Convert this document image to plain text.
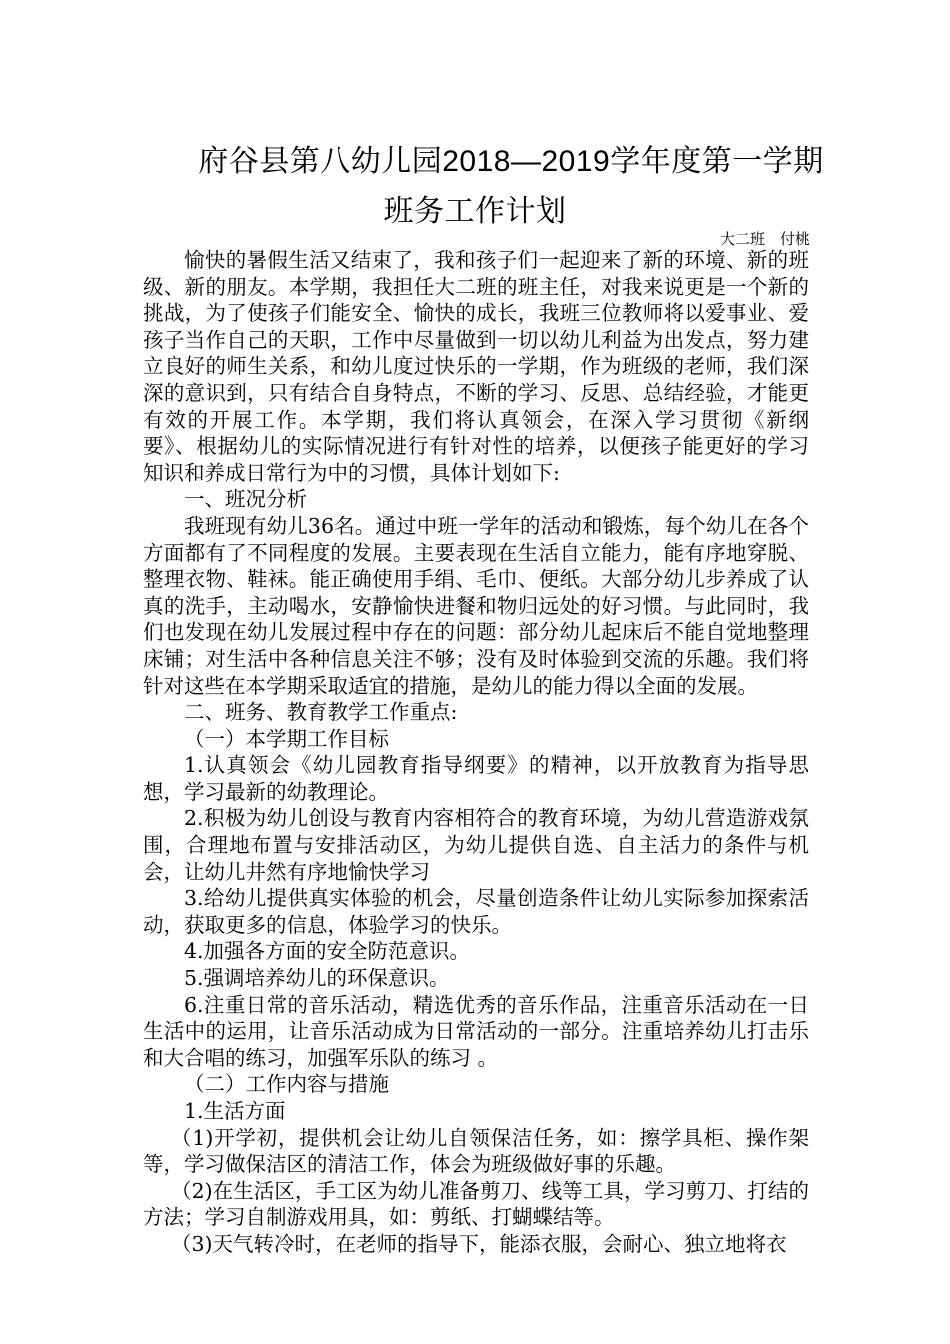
府谷县第八幼儿园2018—2019学年度第一学期
班务工作计划
大二班　付桃

愉快的暑假生活又结束了，我和孩子们一起迎来了新的环境、新的班级、新的朋友。本学期，我担任大二班的班主任，对我来说更是一个新的挑战，为了使孩子们能安全、愉快的成长，我班三位教师将以爱事业、爱孩子当作自己的天职，工作中尽量做到一切以幼儿利益为出发点，努力建立良好的师生关系，和幼儿度过快乐的一学期，作为班级的老师，我们深深的意识到，只有结合自身特点，不断的学习、反思、总结经验，才能更有效的开展工作。本学期，我们将认真领会，在深入学习贯彻《新纲要》、根据幼儿的实际情况进行有针对性的培养，以便孩子能更好的学习知识和养成日常行为中的习惯，具体计划如下:

一、班况分析

我班现有幼儿36名。通过中班一学年的活动和锻炼，每个幼儿在各个方面都有了不同程度的发展。主要表现在生活自立能力，能有序地穿脱、整理衣物、鞋袜。能正确使用手绢、毛巾、便纸。大部分幼儿步养成了认真的洗手，主动喝水，安静愉快进餐和物归远处的好习惯。与此同时，我们也发现在幼儿发展过程中存在的问题：部分幼儿起床后不能自觉地整理床铺；对生活中各种信息关注不够；没有及时体验到交流的乐趣。我们将针对这些在本学期采取适宜的措施，是幼儿的能力得以全面的发展。

二、班务、教育教学工作重点:

（一）本学期工作目标

1.认真领会《幼儿园教育指导纲要》的精神，以开放教育为指导思想，学习最新的幼教理论。

2.积极为幼儿创设与教育内容相符合的教育环境，为幼儿营造游戏氛围，合理地布置与安排活动区，为幼儿提供自选、自主活力的条件与机会，让幼儿井然有序地愉快学习

3.给幼儿提供真实体验的机会，尽量创造条件让幼儿实际参加探索活动，获取更多的信息，体验学习的快乐。

4.加强各方面的安全防范意识。

5.强调培养幼儿的环保意识。

6.注重日常的音乐活动，精选优秀的音乐作品，注重音乐活动在一日生活中的运用，让音乐活动成为日常活动的一部分。注重培养幼儿打击乐和大合唱的练习，加强军乐队的练习 。

（二）工作内容与措施

1.生活方面

（1)开学初，提供机会让幼儿自领保洁任务，如：擦学具柜、操作架等，学习做保洁区的清洁工作，体会为班级做好事的乐趣。

（2)在生活区，手工区为幼儿准备剪刀、线等工具，学习剪刀、打结的方法；学习自制游戏用具，如：剪纸、打蝴蝶结等。

（3)天气转冷时，在老师的指导下，能添衣服，会耐心、独立地将衣
